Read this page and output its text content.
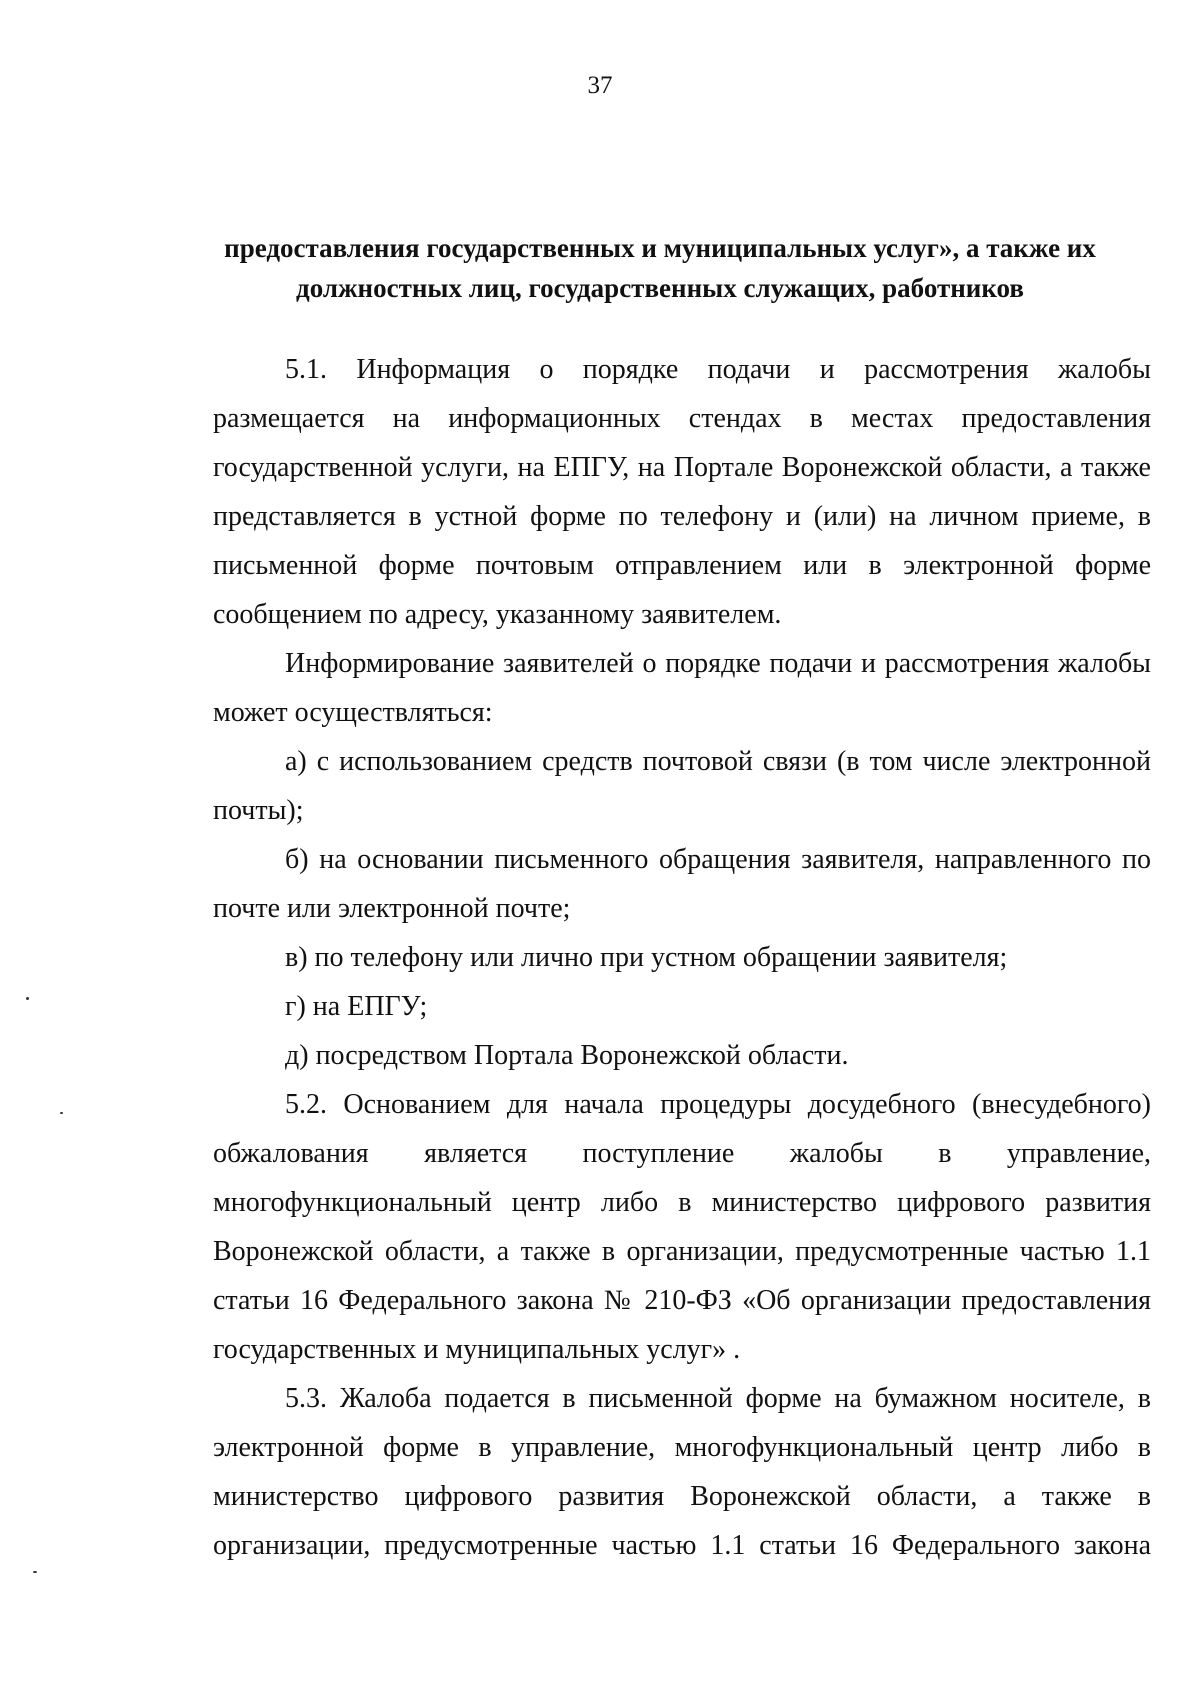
37
предоставления государственных и муниципальных услуг», а также их
должностных лиц, государственных служащих, работников
5.1. Информация о порядке подачи и рассмотрения жалобы
размещается на информационных стендах в местах предоставления
государственной услуги, на ЕПГУ, на Портале Воронежской области, а также
представляется в устной форме по телефону и (или) на личном приеме, в
письменной форме почтовым отправлением или в электронной форме
сообщением по адресу, указанному заявителем.
Информирование заявителей о порядке подачи и рассмотрения жалобы
может осуществляться:
а) с использованием средств почтовой связи (в том числе электронной
почты);
б) на основании письменного обращения заявителя, направленного по
почте или электронной почте;
в) по телефону или лично при устном обращении заявителя;
г) на ЕПГУ;
д) посредством Портала Воронежской области.
5.2. Основанием для начала процедуры досудебного (внесудебного)
обжалования является поступление жалобы в управление,
многофункциональный центр либо в министерство цифрового развития
Воронежской области, а также в организации, предусмотренные частью 1.1
статьи 16 Федерального закона № 210-ФЗ «Об организации предоставления
государственных и муниципальных услуг» .
5.3. Жалоба подается в письменной форме на бумажном носителе, в
электронной форме в управление, многофункциональный центр либо в
министерство цифрового развития Воронежской области, а также в
организации, предусмотренные частью 1.1 статьи 16 Федерального закона
